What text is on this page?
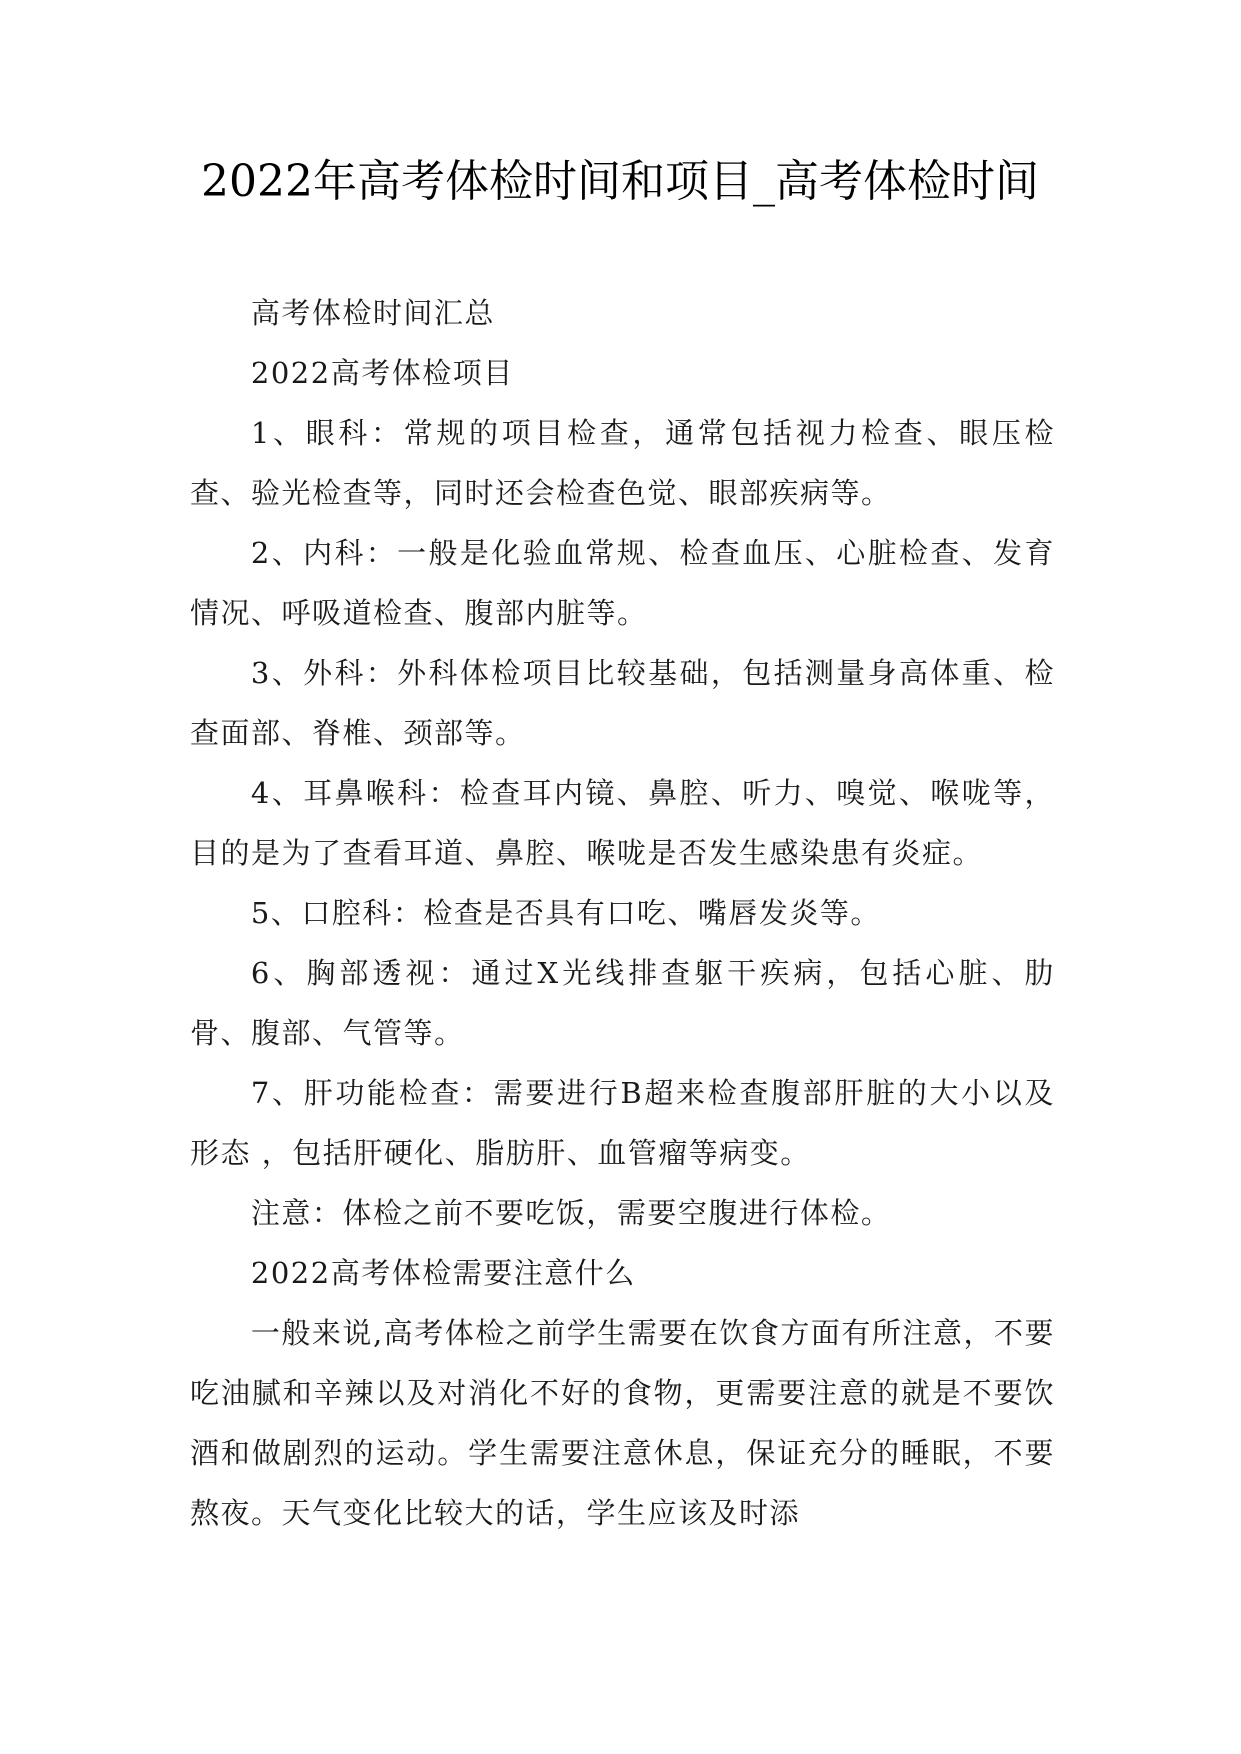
2022年高考体检时间和项目_高考体检时间

高考体检时间汇总

2022高考体检项目

1、眼科：常规的项目检查，通常包括视力检查、眼压检查、验光检查等，同时还会检查色觉、眼部疾病等。

2、内科：一般是化验血常规、检查血压、心脏检查、发育情况、呼吸道检查、腹部内脏等。

3、外科：外科体检项目比较基础，包括测量身高体重、检查面部、脊椎、颈部等。

4、耳鼻喉科：检查耳内镜、鼻腔、听力、嗅觉、喉咙等，目的是为了查看耳道、鼻腔、喉咙是否发生感染患有炎症。

5、口腔科：检查是否具有口吃、嘴唇发炎等。

6、胸部透视：通过X光线排查躯干疾病，包括心脏、肋骨、腹部、气管等。

7、肝功能检查：需要进行B超来检查腹部肝脏的大小以及形态 ，包括肝硬化、脂肪肝、血管瘤等病变。

注意：体检之前不要吃饭，需要空腹进行体检。

2022高考体检需要注意什么

一般来说,高考体检之前学生需要在饮食方面有所注意，不要吃油腻和辛辣以及对消化不好的食物，更需要注意的就是不要饮酒和做剧烈的运动。学生需要注意休息，保证充分的睡眠，不要熬夜。天气变化比较大的话，学生应该及时添
